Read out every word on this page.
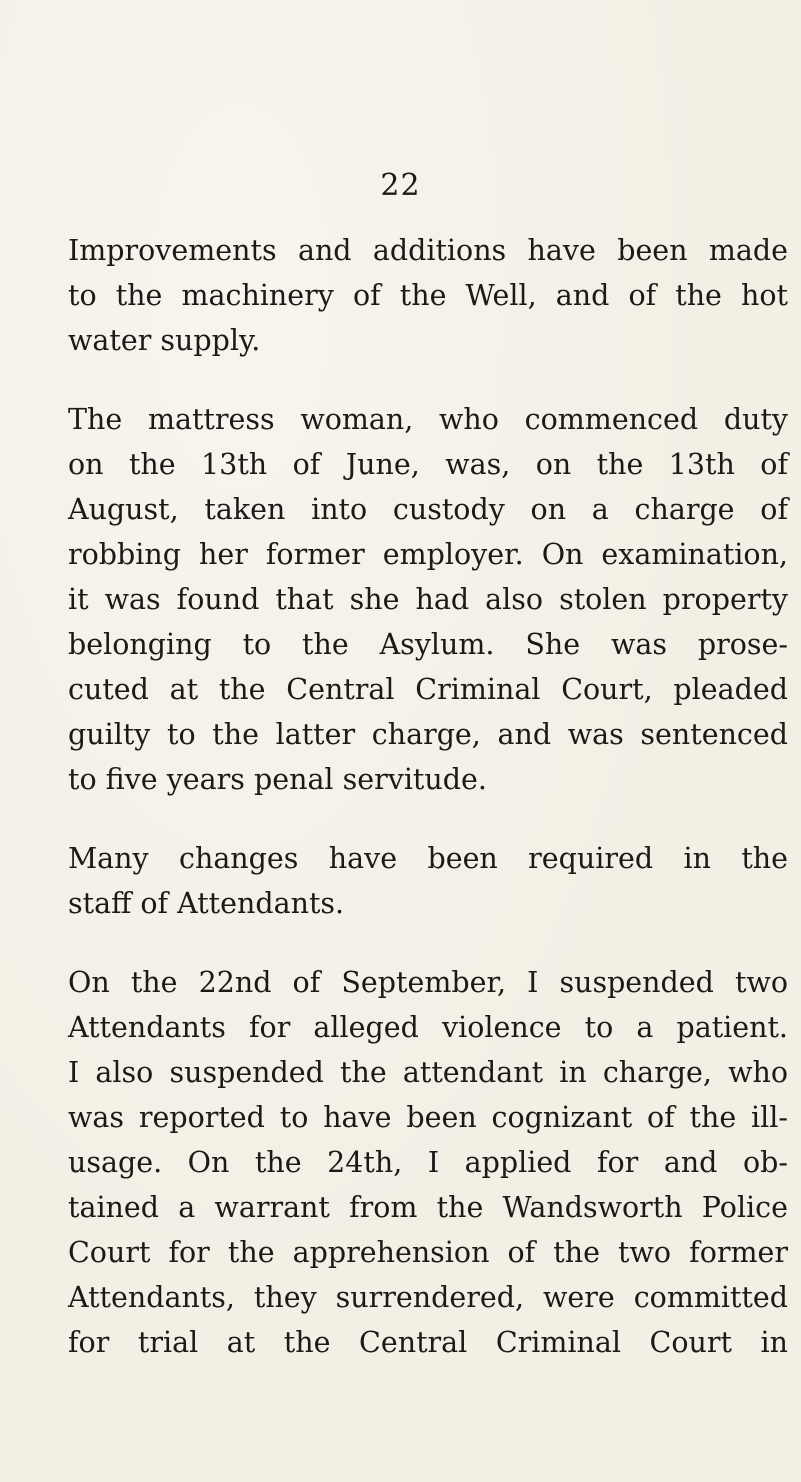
22
Improvements and additions have been made
to the machinery of the Well, and of the hot
water supply.
The mattress woman, who commenced duty
on the 13th of June, was, on the 13th of
August, taken into custody on a charge of
robbing her former employer. On examination,
it was found that she had also stolen property
belonging to the Asylum. She was prose-
cuted at the Central Criminal Court, pleaded
guilty to the latter charge, and was sentenced
to five years penal servitude.
Many changes have been required in the
staff of Attendants.
On the 22nd of September, I suspended two
Attendants for alleged violence to a patient.
I also suspended the attendant in charge, who
was reported to have been cognizant of the ill-
usage. On the 24th, I applied for and ob-
tained a warrant from the Wandsworth Police
Court for the apprehension of the two former
Attendants, they surrendered, were committed
for trial at the Central Criminal Court in
